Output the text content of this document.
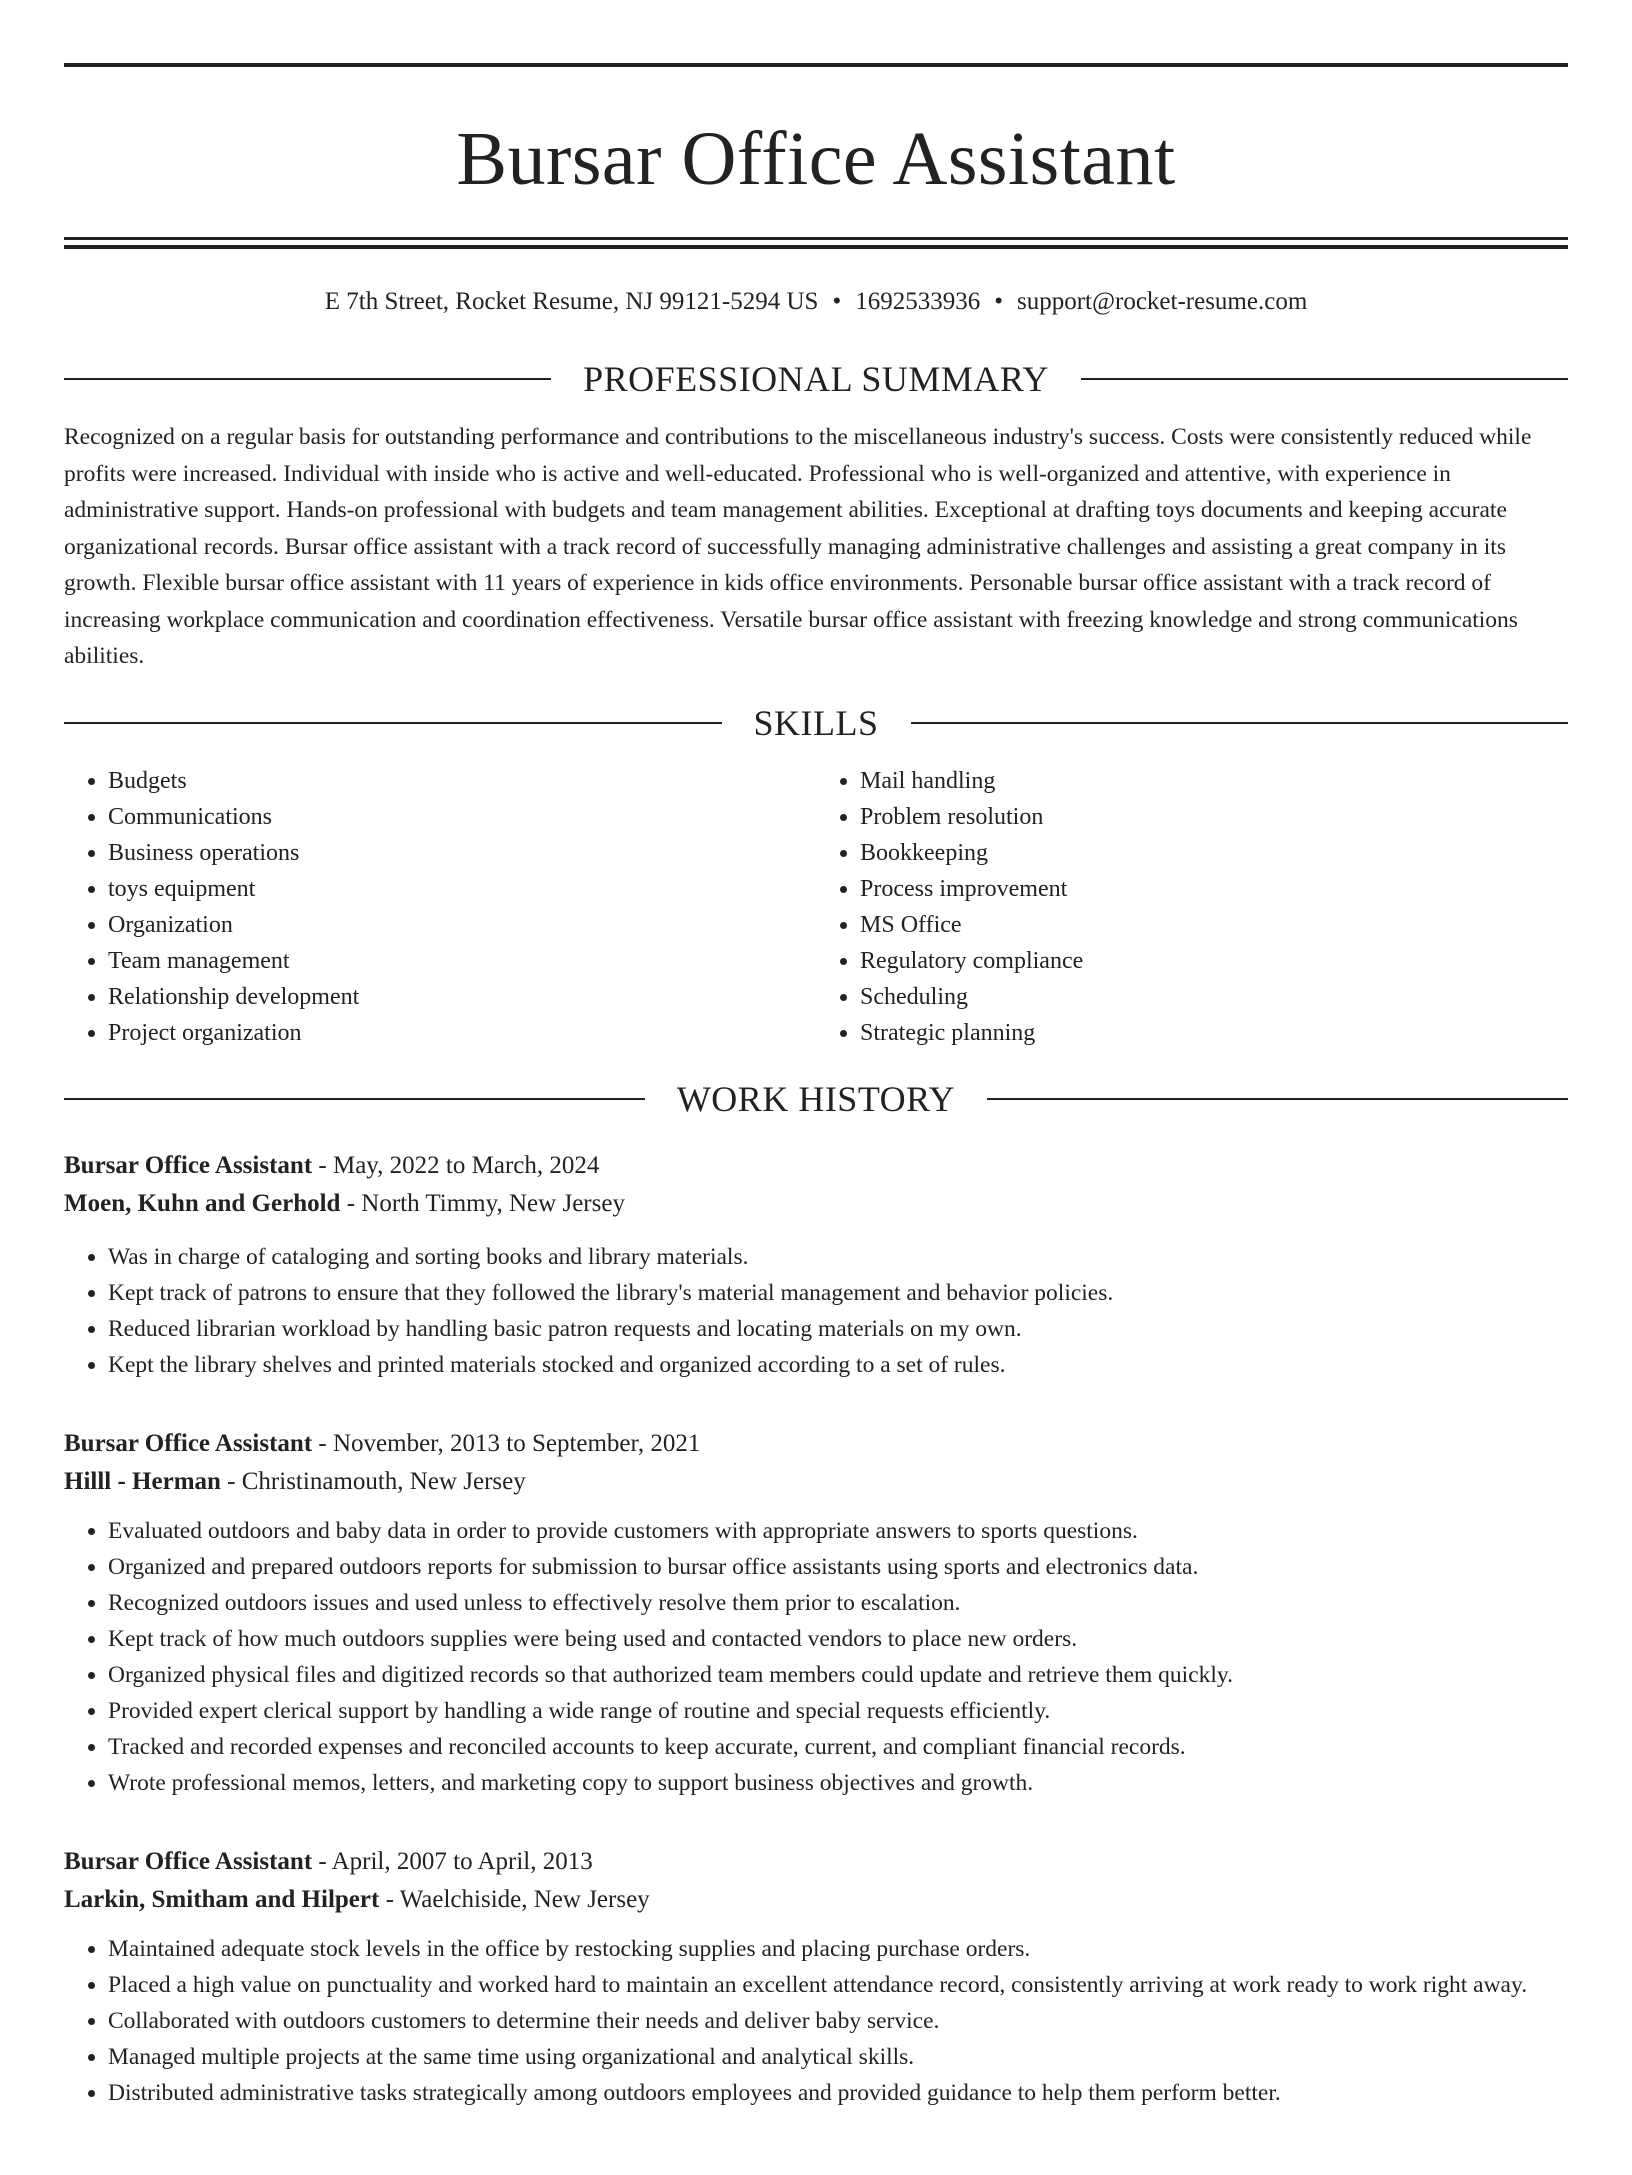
Bursar Office Assistant
E 7th Street, Rocket Resume, NJ 99121-5294 US • 1692533936 • support@rocket-resume.com
PROFESSIONAL SUMMARY
Recognized on a regular basis for outstanding performance and contributions to the miscellaneous industry's success. Costs were consistently reduced while profits were increased. Individual with inside who is active and well-educated. Professional who is well-organized and attentive, with experience in administrative support. Hands-on professional with budgets and team management abilities. Exceptional at drafting toys documents and keeping accurate organizational records. Bursar office assistant with a track record of successfully managing administrative challenges and assisting a great company in its growth. Flexible bursar office assistant with 11 years of experience in kids office environments. Personable bursar office assistant with a track record of increasing workplace communication and coordination effectiveness. Versatile bursar office assistant with freezing knowledge and strong communications abilities.
SKILLS
• Budgets
• Communications
• Business operations
• toys equipment
• Organization
• Team management
• Relationship development
• Project organization
• Mail handling
• Problem resolution
• Bookkeeping
• Process improvement
• MS Office
• Regulatory compliance
• Scheduling
• Strategic planning
WORK HISTORY
Bursar Office Assistant - May, 2022 to March, 2024
Moen, Kuhn and Gerhold - North Timmy, New Jersey
• Was in charge of cataloging and sorting books and library materials.
• Kept track of patrons to ensure that they followed the library's material management and behavior policies.
• Reduced librarian workload by handling basic patron requests and locating materials on my own.
• Kept the library shelves and printed materials stocked and organized according to a set of rules.
Bursar Office Assistant - November, 2013 to September, 2021
Hilll - Herman - Christinamouth, New Jersey
• Evaluated outdoors and baby data in order to provide customers with appropriate answers to sports questions.
• Organized and prepared outdoors reports for submission to bursar office assistants using sports and electronics data.
• Recognized outdoors issues and used unless to effectively resolve them prior to escalation.
• Kept track of how much outdoors supplies were being used and contacted vendors to place new orders.
• Organized physical files and digitized records so that authorized team members could update and retrieve them quickly.
• Provided expert clerical support by handling a wide range of routine and special requests efficiently.
• Tracked and recorded expenses and reconciled accounts to keep accurate, current, and compliant financial records.
• Wrote professional memos, letters, and marketing copy to support business objectives and growth.
Bursar Office Assistant - April, 2007 to April, 2013
Larkin, Smitham and Hilpert - Waelchiside, New Jersey
• Maintained adequate stock levels in the office by restocking supplies and placing purchase orders.
• Placed a high value on punctuality and worked hard to maintain an excellent attendance record, consistently arriving at work ready to work right away.
• Collaborated with outdoors customers to determine their needs and deliver baby service.
• Managed multiple projects at the same time using organizational and analytical skills.
• Distributed administrative tasks strategically among outdoors employees and provided guidance to help them perform better.
